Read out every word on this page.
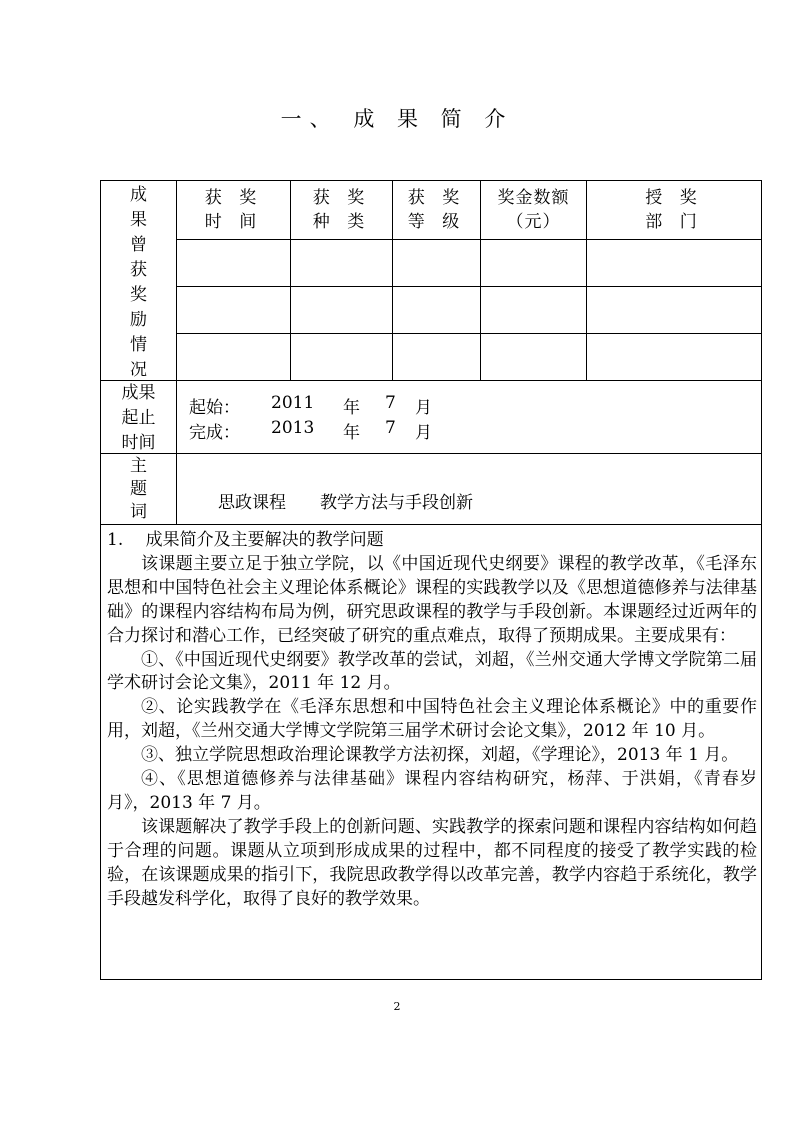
一、 成 果 简 介
成
果
曾
获
奖
励
情
况
获 奖
时 间
获 奖
种 类
获 奖
等 级
奖金数额
（元）
授 奖
部 门
成果
起止
时间
起始： 2011 年 7 月
完成： 2013 年 7 月
主
题
词	思政课程 教学方法与手段创新

1.　 成果简介及主要解决的教学问题

该课题主要立足于独立学院，以《中国近现代史纲要》课程的教学改革，《毛泽东思想和中国特色社会主义理论体系概论》课程的实践教学以及《思想道德修养与法律基础》的课程内容结构布局为例，研究思政课程的教学与手段创新。本课题经过近两年的合力探讨和潜心工作，已经突破了研究的重点难点，取得了预期成果。主要成果有：

①、《中国近现代史纲要》教学改革的尝试，刘超，《兰州交通大学博文学院第二届学术研讨会论文集》，2011 年 12 月。

②、论实践教学在《毛泽东思想和中国特色社会主义理论体系概论》中的重要作用，刘超，《兰州交通大学博文学院第三届学术研讨会论文集》，2012 年 10 月。

③、独立学院思想政治理论课教学方法初探，刘超，《学理论》，2013 年 1 月。

④、《思想道德修养与法律基础》课程内容结构研究，杨萍、于洪娟，《青春岁月》，2013 年 7 月。

该课题解决了教学手段上的创新问题、实践教学的探索问题和课程内容结构如何趋于合理的问题。课题从立项到形成成果的过程中，都不同程度的接受了教学实践的检验，在该课题成果的指引下，我院思政教学得以改革完善，教学内容趋于系统化，教学手段越发科学化，取得了良好的教学效果。

2
